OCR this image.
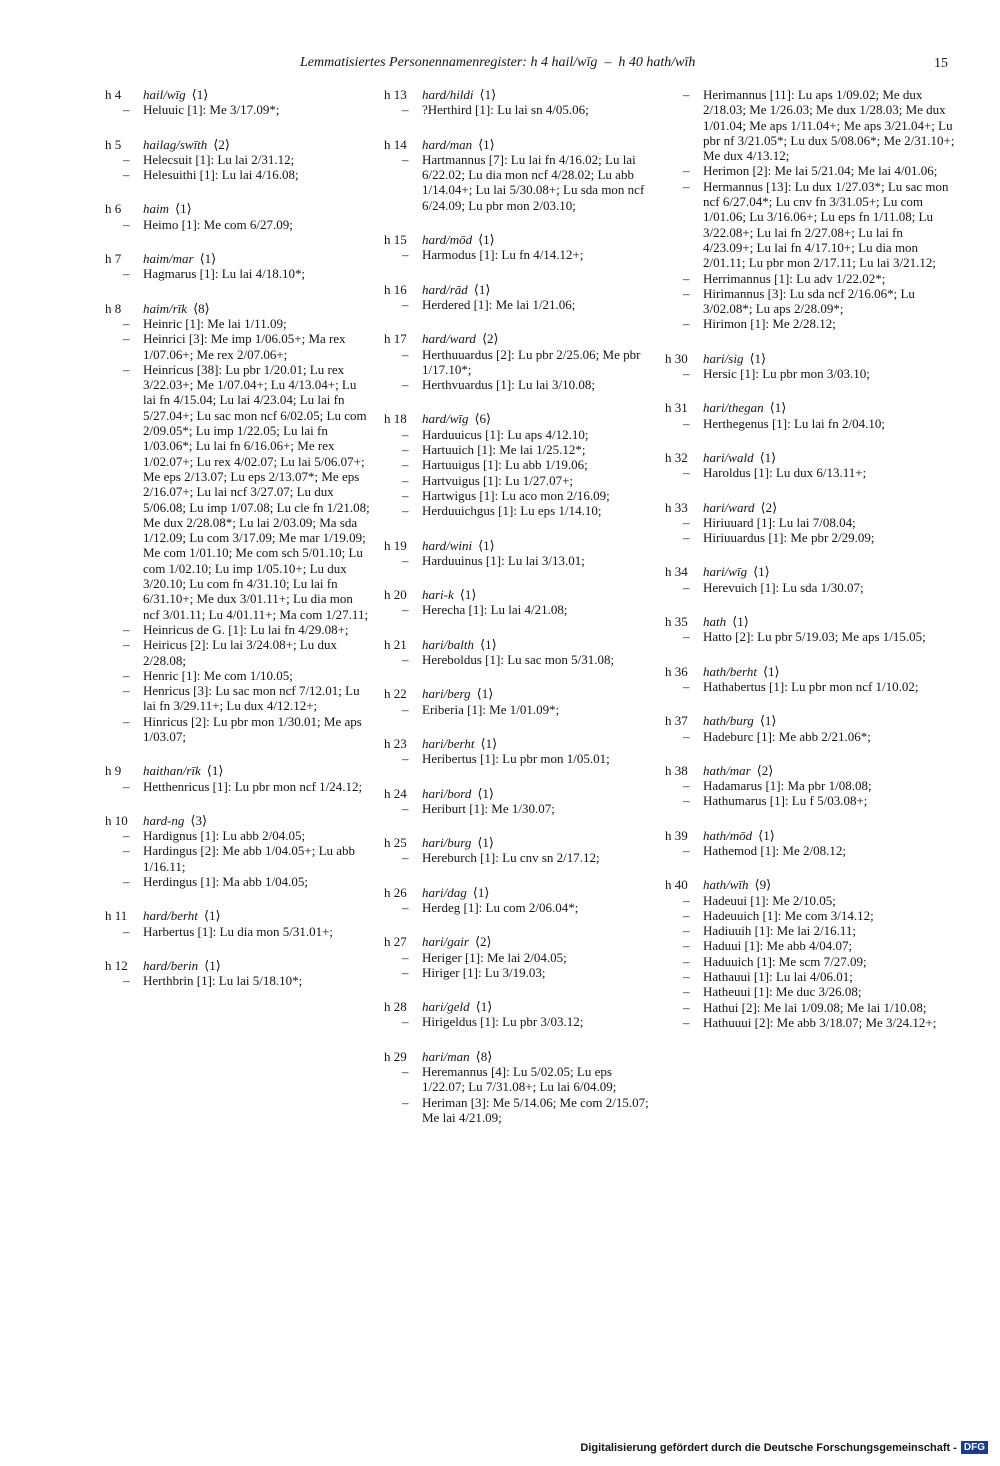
Lemmatisiertes Personennamenregister: h 4 hail/wīg  –  h 40 hath/wīh	15
h 4	hail/wīg ⟨1⟩
–	Heluuic [1]: Me 3/17.09*;
h 5	hailag/swīth ⟨2⟩
–	Helecsuit [1]: Lu lai 2/31.12;
–	Helesuithi [1]: Lu lai 4/16.08;
h 6	haim ⟨1⟩
–	Heimo [1]: Me com 6/27.09;
h 7	haim/mar ⟨1⟩
–	Hagmarus [1]: Lu lai 4/18.10*;
h 8	haim/rīk ⟨8⟩
–	Heinric [1]: Me lai 1/11.09;
–	Heinrici [3]: Me imp 1/06.05+; Ma rex 1/07.06+; Me rex 2/07.06+;
–	Heinricus [38]: Lu pbr 1/20.01; Lu rex 3/22.03+; Me 1/07.04+; Lu 4/13.04+; Lu lai fn 4/15.04; Lu lai 4/23.04; Lu lai fn 5/27.04+; Lu sac mon ncf 6/02.05; Lu com 2/09.05*; Lu imp 1/22.05; Lu lai fn 1/03.06*; Lu lai fn 6/16.06+; Me rex 1/02.07+; Lu rex 4/02.07; Lu lai 5/06.07+; Me eps 2/13.07; Lu eps 2/13.07*; Me eps 2/16.07+; Lu lai ncf 3/27.07; Lu dux 5/06.08; Lu imp 1/07.08; Lu cle fn 1/21.08; Me dux 2/28.08*; Lu lai 2/03.09; Ma sda 1/12.09; Lu com 3/17.09; Me mar 1/19.09; Me com 1/01.10; Me com sch 5/01.10; Lu com 1/02.10; Lu imp 1/05.10+; Lu dux 3/20.10; Lu com fn 4/31.10; Lu lai fn 6/31.10+; Me dux 3/01.11+; Lu dia mon ncf 3/01.11; Lu 4/01.11+; Ma com 1/27.11;
–	Heinricus de G. [1]: Lu lai fn 4/29.08+;
–	Heiricus [2]: Lu lai 3/24.08+; Lu dux 2/28.08;
–	Henric [1]: Me com 1/10.05;
–	Henricus [3]: Lu sac mon ncf 7/12.01; Lu lai fn 3/29.11+; Lu dux 4/12.12+;
–	Hinricus [2]: Lu pbr mon 1/30.01; Me aps 1/03.07;
h 9	haithan/rīk ⟨1⟩
–	Hetthenricus [1]: Lu pbr mon ncf 1/24.12;
h 10	hard-ng ⟨3⟩
–	Hardignus [1]: Lu abb 2/04.05;
–	Hardingus [2]: Me abb 1/04.05+; Lu abb 1/16.11;
–	Herdingus [1]: Ma abb 1/04.05;
h 11	hard/berht ⟨1⟩
–	Harbertus [1]: Lu dia mon 5/31.01+;
h 12	hard/berin ⟨1⟩
–	Herthbrin [1]: Lu lai 5/18.10*;
h 13	hard/hildi ⟨1⟩
–	?Herthird [1]: Lu lai sn 4/05.06;
h 14	hard/man ⟨1⟩
–	Hartmannus [7]: Lu lai fn 4/16.02; Lu lai 6/22.02; Lu dia mon ncf 4/28.02; Lu abb 1/14.04+; Lu lai 5/30.08+; Lu sda mon ncf 6/24.09; Lu pbr mon 2/03.10;
h 15	hard/mōd ⟨1⟩
–	Harmodus [1]: Lu fn 4/14.12+;
h 16	hard/rād ⟨1⟩
–	Herdered [1]: Me lai 1/21.06;
h 17	hard/ward ⟨2⟩
–	Herthuuardus [2]: Lu pbr 2/25.06; Me pbr 1/17.10*;
–	Herthvuardus [1]: Lu lai 3/10.08;
h 18	hard/wīg ⟨6⟩
–	Harduuicus [1]: Lu aps 4/12.10;
–	Hartuuich [1]: Me lai 1/25.12*;
–	Hartuuigus [1]: Lu abb 1/19.06;
–	Hartvuigus [1]: Lu 1/27.07+;
–	Hartwigus [1]: Lu aco mon 2/16.09;
–	Herduuichgus [1]: Lu eps 1/14.10;
h 19	hard/wini ⟨1⟩
–	Harduuinus [1]: Lu lai 3/13.01;
h 20	hari-k ⟨1⟩
–	Herecha [1]: Lu lai 4/21.08;
h 21	hari/balth ⟨1⟩
–	Hereboldus [1]: Lu sac mon 5/31.08;
h 22	hari/berg ⟨1⟩
–	Eriberia [1]: Me 1/01.09*;
h 23	hari/berht ⟨1⟩
–	Heribertus [1]: Lu pbr mon 1/05.01;
h 24	hari/bord ⟨1⟩
–	Heriburt [1]: Me 1/30.07;
h 25	hari/burg ⟨1⟩
–	Hereburch [1]: Lu cnv sn 2/17.12;
h 26	hari/dag ⟨1⟩
–	Herdeg [1]: Lu com 2/06.04*;
h 27	hari/gair ⟨2⟩
–	Heriger [1]: Me lai 2/04.05;
–	Hiriger [1]: Lu 3/19.03;
h 28	hari/geld ⟨1⟩
–	Hirigeldus [1]: Lu pbr 3/03.12;
h 29	hari/man ⟨8⟩
–	Heremannus [4]: Lu 5/02.05; Lu eps 1/22.07; Lu 7/31.08+; Lu lai 6/04.09;
–	Heriman [3]: Me 5/14.06; Me com 2/15.07; Me lai 4/21.09;
–	Herimannus [11]: Lu aps 1/09.02; Me dux 2/18.03; Me 1/26.03; Me dux 1/28.03; Me dux 1/01.04; Me aps 1/11.04+; Me aps 3/21.04+; Lu pbr nf 3/21.05*; Lu dux 5/08.06*; Me 2/31.10+; Me dux 4/13.12;
–	Herimon [2]: Me lai 5/21.04; Me lai 4/01.06;
–	Hermannus [13]: Lu dux 1/27.03*; Lu sac mon ncf 6/27.04*; Lu cnv fn 3/31.05+; Lu com 1/01.06; Lu 3/16.06+; Lu eps fn 1/11.08; Lu 3/22.08+; Lu lai fn 2/27.08+; Lu lai fn 4/23.09+; Lu lai fn 4/17.10+; Lu dia mon 2/01.11; Lu pbr mon 2/17.11; Lu lai 3/21.12;
–	Herrimannus [1]: Lu adv 1/22.02*;
–	Hirimannus [3]: Lu sda ncf 2/16.06*; Lu 3/02.08*; Lu aps 2/28.09*;
–	Hirimon [1]: Me 2/28.12;
h 30	hari/sig ⟨1⟩
–	Hersic [1]: Lu pbr mon 3/03.10;
h 31	hari/thegan ⟨1⟩
–	Herthegenus [1]: Lu lai fn 2/04.10;
h 32	hari/wald ⟨1⟩
–	Haroldus [1]: Lu dux 6/13.11+;
h 33	hari/ward ⟨2⟩
–	Hiriuuard [1]: Lu lai 7/08.04;
–	Hiriuuardus [1]: Me pbr 2/29.09;
h 34	hari/wīg ⟨1⟩
–	Herevuich [1]: Lu sda 1/30.07;
h 35	hath ⟨1⟩
–	Hatto [2]: Lu pbr 5/19.03; Me aps 1/15.05;
h 36	hath/berht ⟨1⟩
–	Hathabertus [1]: Lu pbr mon ncf 1/10.02;
h 37	hath/burg ⟨1⟩
–	Hadeburc [1]: Me abb 2/21.06*;
h 38	hath/mar ⟨2⟩
–	Hadamarus [1]: Ma pbr 1/08.08;
–	Hathumarus [1]: Lu f 5/03.08+;
h 39	hath/mōd ⟨1⟩
–	Hathemod [1]: Me 2/08.12;
h 40	hath/wīh ⟨9⟩
–	Hadeuui [1]: Me 2/10.05;
–	Hadeuuich [1]: Me com 3/14.12;
–	Hadiuuih [1]: Me lai 2/16.11;
–	Haduui [1]: Me abb 4/04.07;
–	Haduuich [1]: Me scm 7/27.09;
–	Hathauui [1]: Lu lai 4/06.01;
–	Hatheuui [1]: Me duc 3/26.08;
–	Hathui [2]: Me lai 1/09.08; Me lai 1/10.08;
–	Hathuuui [2]: Me abb 3/18.07; Me 3/24.12+;
Digitalisierung gefördert durch die Deutsche Forschungsgemeinschaft - DFG
